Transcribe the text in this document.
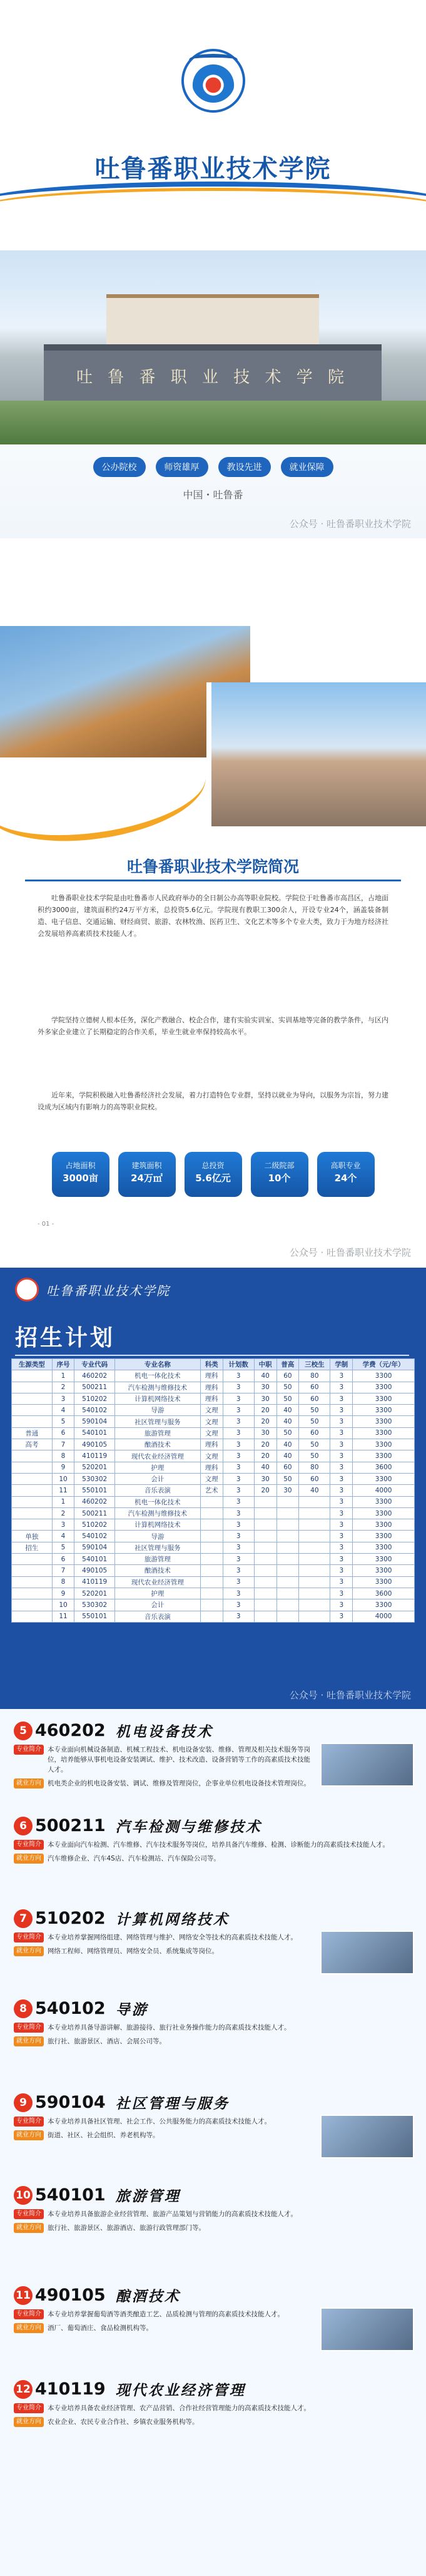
吐鲁番职业技术学院
吐 鲁 番 职 业 技 术 学 院
公办院校	师资雄厚	教设先进	就业保障
中国・吐鲁番
公众号 · 吐鲁番职业技术学院
吐鲁番职业技术学院简况

吐鲁番职业技术学院是由吐鲁番市人民政府举办的全日制公办高等职业院校。学院位于吐鲁番市高昌区，占地面积约3000亩，建筑面积约24万平方米，总投资5.6亿元。学院现有教职工300余人，开设专业24个，涵盖装备制造、电子信息、交通运输、财经商贸、旅游、农林牧渔、医药卫生、文化艺术等多个专业大类，致力于为地方经济社会发展培养高素质技术技能人才。

学院坚持立德树人根本任务，深化产教融合、校企合作，建有实验实训室、实训基地等完备的教学条件，与区内外多家企业建立了长期稳定的合作关系，毕业生就业率保持较高水平。

近年来，学院积极融入吐鲁番经济社会发展，着力打造特色专业群，坚持以就业为导向，以服务为宗旨，努力建设成为区域内有影响力的高等职业院校。

占地面积
3000亩
建筑面积
24万㎡
总投资
5.6亿元
二级院部
10个
高职专业
24个
- 01 -
公众号 · 吐鲁番职业技术学院
吐鲁番职业技术学院
招生计划
生源类型	序号	专业代码	专业名称	科类	计划数	中职	普高	三校生	学制	学费（元/年）
	1	460202	机电一体化技术	理科	3	40	60	80	3	3300
	2	500211	汽车检测与维修技术	理科	3	30	50	60	3	3300
	3	510202	计算机网络技术	理科	3	30	50	60	3	3300
	4	540102	导游	文理	3	20	40	50	3	3300
	5	590104	社区管理与服务	文理	3	20	40	50	3	3300
普通	6	540101	旅游管理	文理	3	30	50	60	3	3300
高考	7	490105	酿酒技术	理科	3	20	40	50	3	3300
	8	410119	现代农业经济管理	文理	3	20	40	50	3	3300
	9	520201	护理	理科	3	40	60	80	3	3600
	10	530302	会计	文理	3	30	50	60	3	3300
	11	550101	音乐表演	艺术	3	20	30	40	3	4000
	1	460202	机电一体化技术		3				3	3300
	2	500211	汽车检测与维修技术		3				3	3300
	3	510202	计算机网络技术		3				3	3300
单独	4	540102	导游		3				3	3300
招生	5	590104	社区管理与服务		3				3	3300
	6	540101	旅游管理		3				3	3300
	7	490105	酿酒技术		3				3	3300
	8	410119	现代农业经济管理		3				3	3300
	9	520201	护理		3				3	3600
	10	530302	会计		3				3	3300
	11	550101	音乐表演		3				3	4000
公众号 · 吐鲁番职业技术学院
5 460202 机电设备技术
专业简介 本专业面向机械设备制造、机械工程技术、机电设备安装、维修、管理及相关技术服务等岗位，培养能够从事机电设备安装调试、维护、技术改造、设备营销等工作的高素质技术技能人才。
就业方向 机电类企业的机电设备安装、调试、维修及管理岗位，企事业单位机电设备技术管理岗位。
6 500211 汽车检测与维修技术
专业简介 本专业面向汽车检测、汽车维修、汽车技术服务等岗位，培养具备汽车维修、检测、诊断能力的高素质技术技能人才。
就业方向 汽车维修企业、汽车4S店、汽车检测站、汽车保险公司等。
7 510202 计算机网络技术
专业简介 本专业培养掌握网络组建、网络管理与维护、网络安全等技术的高素质技术技能人才。
就业方向 网络工程师、网络管理员、网络安全员、系统集成等岗位。
8 540102 导游
专业简介 本专业培养具备导游讲解、旅游接待、旅行社业务操作能力的高素质技术技能人才。
就业方向 旅行社、旅游景区、酒店、会展公司等。
9 590104 社区管理与服务
专业简介 本专业培养具备社区管理、社会工作、公共服务能力的高素质技术技能人才。
就业方向 街道、社区、社会组织、养老机构等。
10 540101 旅游管理
专业简介 本专业培养具备旅游企业经营管理、旅游产品策划与营销能力的高素质技术技能人才。
就业方向 旅行社、旅游景区、旅游酒店、旅游行政管理部门等。
11 490105 酿酒技术
专业简介 本专业培养掌握葡萄酒等酒类酿造工艺、品质检测与管理的高素质技术技能人才。
就业方向 酒厂、葡萄酒庄、食品检测机构等。
12 410119 现代农业经济管理
专业简介 本专业培养具备农业经济管理、农产品营销、合作社经营管理能力的高素质技术技能人才。
就业方向 农业企业、农民专业合作社、乡镇农业服务机构等。
